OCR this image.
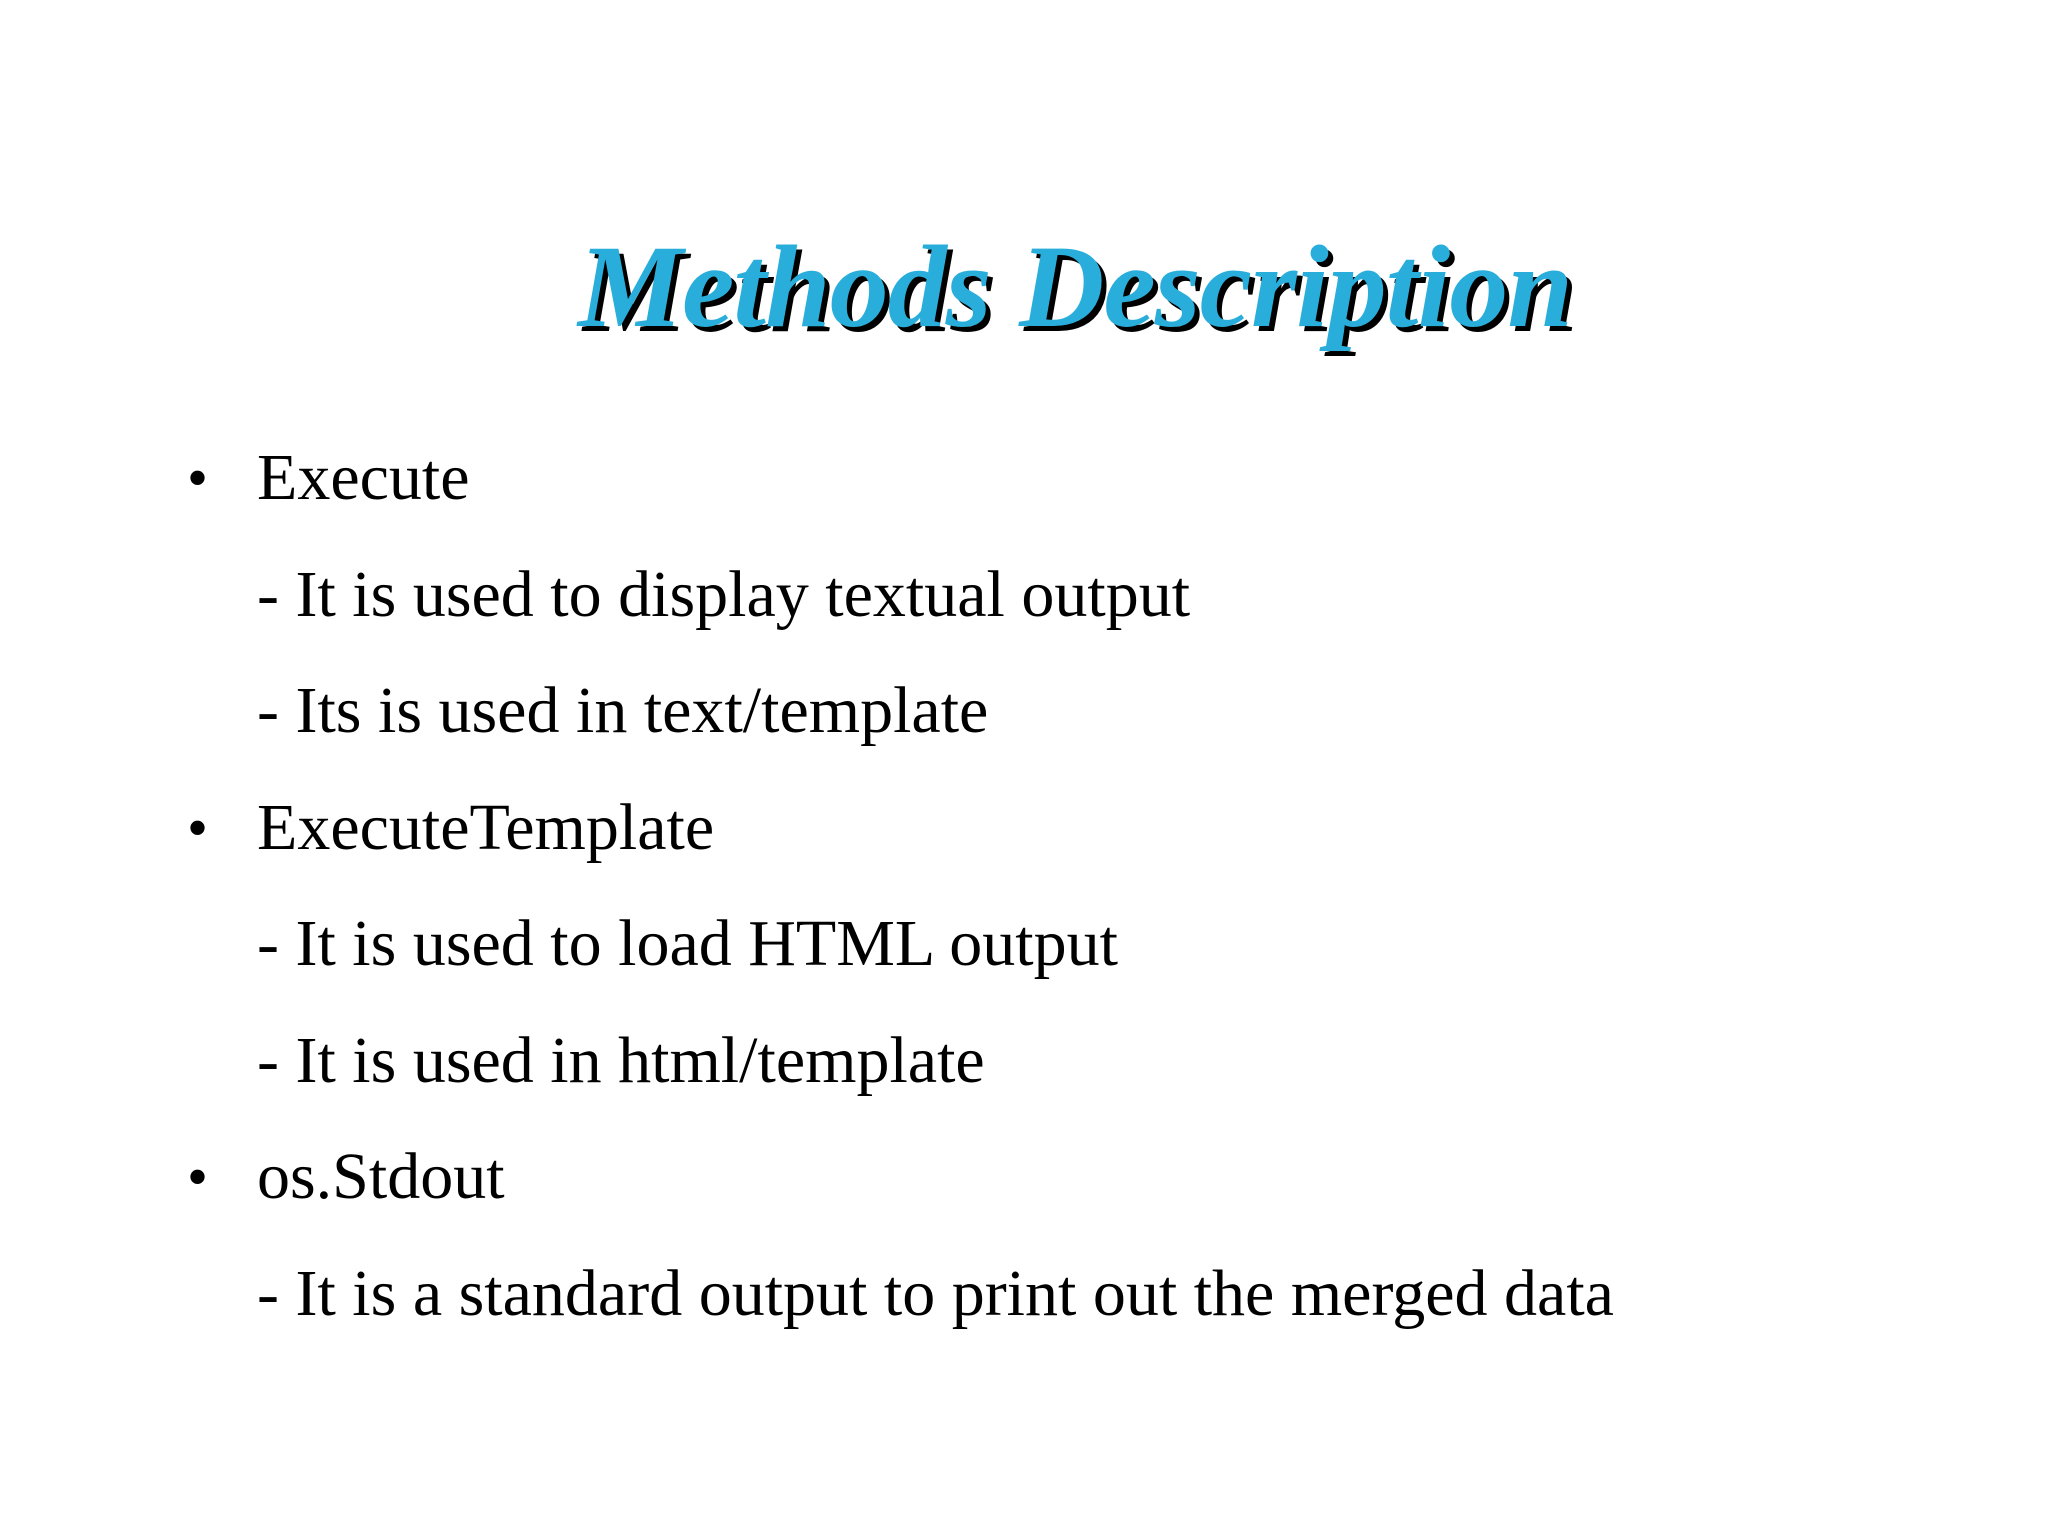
Methods Description
• Execute
- It is used to display textual output
- Its is used in text/template
• ExecuteTemplate
- It is used to load HTML output
- It is used in html/template
• os.Stdout
- It is a standard output to print out the merged data
